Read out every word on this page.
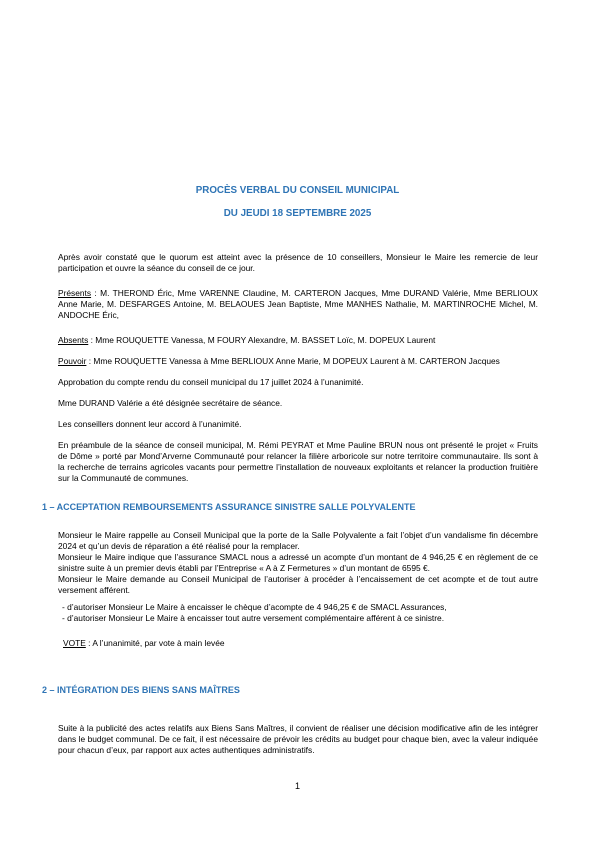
PROCÈS VERBAL DU CONSEIL MUNICIPAL
DU JEUDI 18 SEPTEMBRE 2025

Après avoir constaté que le quorum est atteint avec la présence de 10 conseillers, Monsieur le Maire les remercie de leur participation et ouvre la séance du conseil de ce jour.

Présents : M. THEROND Éric, Mme VARENNE Claudine, M. CARTERON Jacques, Mme DURAND Valérie, Mme BERLIOUX Anne Marie, M. DESFARGES Antoine, M. BELAOUES Jean Baptiste, Mme MANHES Nathalie, M. MARTINROCHE Michel, M. ANDOCHE Éric,

Absents : Mme ROUQUETTE Vanessa, M FOURY Alexandre, M. BASSET Loïc, M. DOPEUX Laurent

Pouvoir : Mme ROUQUETTE Vanessa à Mme BERLIOUX Anne Marie, M DOPEUX Laurent à M. CARTERON Jacques

Approbation du compte rendu du conseil municipal du 17 juillet 2024 à l’unanimité.

Mme DURAND Valérie a été désignée secrétaire de séance.

Les conseillers donnent leur accord à l’unanimité.

En préambule de la séance de conseil municipal, M. Rémi PEYRAT et Mme Pauline BRUN nous ont présenté le projet « Fruits de Dôme » porté par Mond’Arverne Communauté pour relancer la filière arboricole sur notre territoire communautaire. Ils sont à la recherche de terrains agricoles vacants pour permettre l’installation de nouveaux exploitants et relancer la production fruitière sur la Communauté de communes.

1 – ACCEPTATION REMBOURSEMENTS ASSURANCE SINISTRE SALLE POLYVALENTE

Monsieur le Maire rappelle au Conseil Municipal que la porte de la Salle Polyvalente a fait l’objet d’un vandalisme fin décembre 2024 et qu’un devis de réparation a été réalisé pour la remplacer.

Monsieur le Maire indique que l’assurance SMACL nous a adressé un acompte d’un montant de 4 946,25 € en règlement de ce sinistre suite à un premier devis établi par l’Entreprise « A à Z Fermetures » d’un montant de 6595 €.

Monsieur le Maire demande au Conseil Municipal de l’autoriser à procéder à l’encaissement de cet acompte et de tout autre versement afférent.

- d’autoriser Monsieur Le Maire à encaisser le chèque d’acompte de 4 946,25 € de SMACL Assurances,
- d’autoriser Monsieur Le Maire à encaisser tout autre versement complémentaire afférent à ce sinistre.
VOTE : A l’unanimité, par vote à main levée
2 – INTÉGRATION DES BIENS SANS MAÎTRES

Suite à la publicité des actes relatifs aux Biens Sans Maîtres, il convient de réaliser une décision modificative afin de les intégrer dans le budget communal. De ce fait, il est nécessaire de prévoir les crédits au budget pour chaque bien, avec la valeur indiquée pour chacun d’eux, par rapport aux actes authentiques administratifs.

1
